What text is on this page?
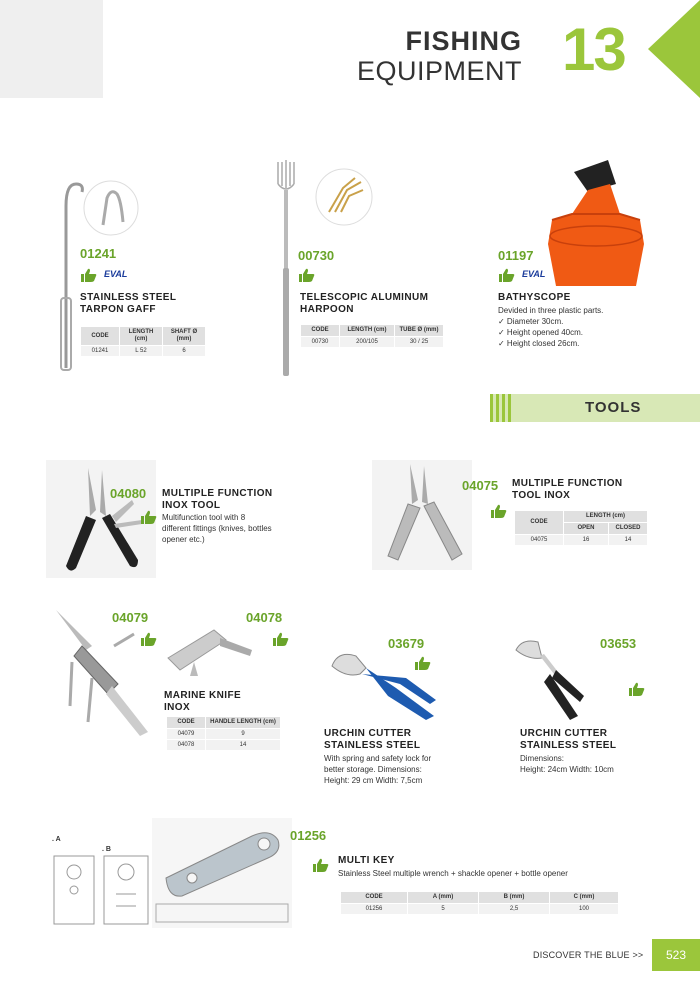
FISHING
EQUIPMENT 13
01241
EVAL
STAINLESS STEEL
TARPON GAFF
CODE	LENGTH (cm)	SHAFT Ø (mm)
01241	L 52	6
00730
TELESCOPIC ALUMINUM
HARPOON
CODE	LENGTH (cm)	TUBE Ø (mm)
00730	200/105	30 / 25
01197
EVAL
BATHYSCOPE
Devided in three plastic parts.
✓ Diameter 30cm.
✓ Height opened 40cm.
✓ Height closed 26cm.
TOOLS
04080 MULTIPLE FUNCTION
INOX TOOL
Multifunction tool with 8
different fittings (knives, bottles
opener etc.)
04075 MULTIPLE FUNCTION
TOOL INOX
CODE	LENGTH (cm)	
	OPEN	CLOSED
04075	16	14
04079	04078
MARINE KNIFE
INOX
CODE	HANDLE LENGTH (cm)
04079	9
04078	14
03679
URCHIN CUTTER
STAINLESS STEEL
With spring and safety lock for
better storage. Dimensions:
Height: 29 cm Width: 7,5cm
03653
URCHIN CUTTER
STAINLESS STEEL
Dimensions:
Height: 24cm Width: 10cm
. A
. B
01256
MULTI KEY
Stainless Steel multiple wrench + shackle opener + bottle opener
CODE	A (mm)	B (mm)	C (mm)
01256	5	2,5	100
DISCOVER THE BLUE >>	523
